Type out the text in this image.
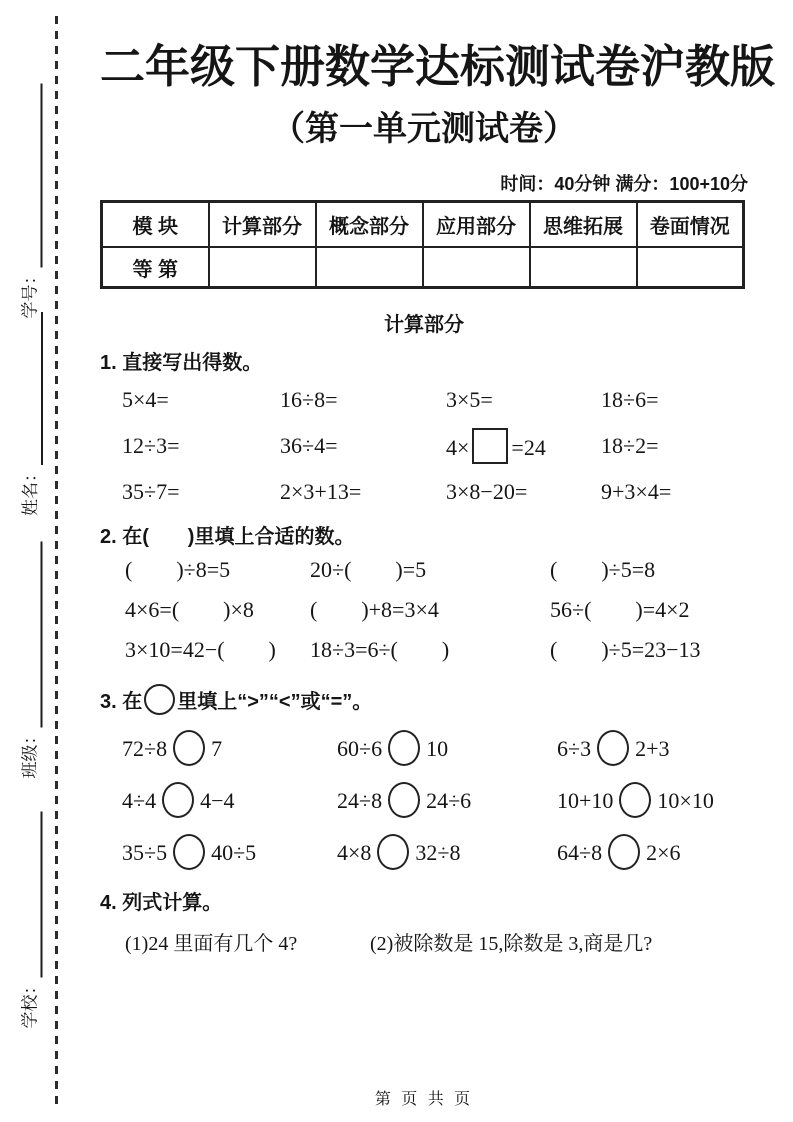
学号：
姓名：
班级：
学校：
二年级下册数学达标测试卷沪教版
（第一单元测试卷）
时间：40分钟 满分：100+10分
模 块	计算部分	概念部分	应用部分	思维拓展	卷面情况
等 第					
计算部分
1. 直接写出得数。
5×4=	16÷8=	3×5=	18÷6=
12÷3=	36÷4=	4× =24	18÷2=
35÷7=	2×3+13=	3×8−20=	9+3×4=
2. 在(       )里填上合适的数。
(        )÷8=5	20÷(        )=5	(        )÷5=8
4×6=(        )×8	(        )+8=3×4	56÷(        )=4×2
3×10=42−(        )	18÷3=6÷(        )	(        )÷5=23−13
3. 在 里填上“>”“<”或“=”。
72÷8 7	60÷6 10	6÷3 2+3
4÷4 4−4	24÷8 24÷6	10+10 10×10
35÷5 40÷5	4×8 32÷8	64÷8 2×6
4. 列式计算。
(1)24 里面有几个 4?	(2)被除数是 15,除数是 3,商是几?
第 页 共 页
